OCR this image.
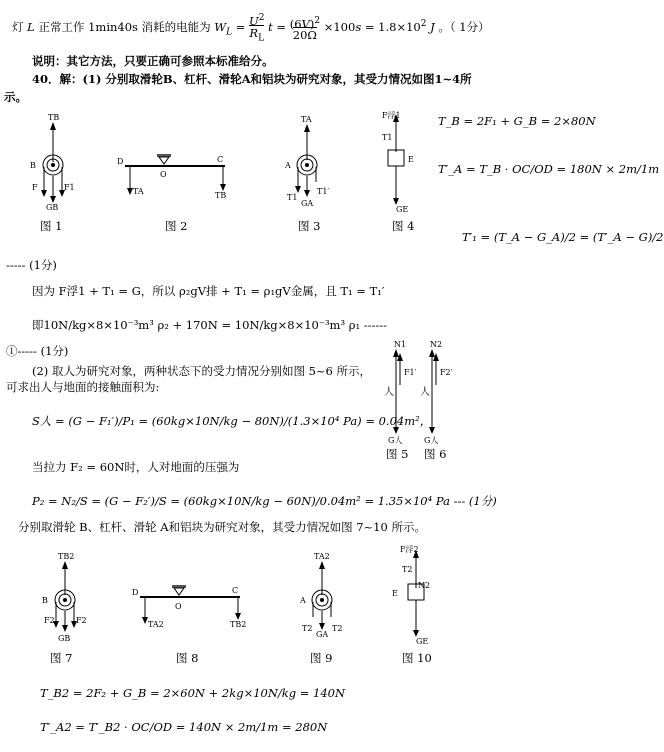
灯 L 正常工作 1min40s 消耗的电能为 $W_L = U^2$
$R_L$ $t = (6V)^2$
$20\Omega \times 100s = 1.8\times 10^2$ J 。（ 1分）
说明：其它方法，只要正确可参照本标准给分。
40．解：(1) 分别取滑轮B、杠杆、滑轮A和铝块为研究对象，其受力情况如图1~4所
示。
TB
B
F	F1
GB
图 1
D	C
O
TA	TB
图 2
TA
A
T1
GA
T1′
图 3
F浮1
T1
E
GE
图 4
T_B = 2F₁ + G_B = 2×80N
T′_A = T_B · OC/OD = 180N × 2m/1m
T′₁ = (T_A − G_A)/2 = (T′_A − G)/2
----- (1分)
因为 F浮1 + T₁ = G，所以 ρ₂gV排 + T₁ = ρ₁gV金属，且 T₁ = T₁′
即10N/kg×8×10⁻³m³ ρ₂ + 170N = 10N/kg×8×10⁻³m³ ρ₁ ------
①----- (1分)
(2) 取人为研究对象，两种状态下的受力情况分别如图 5~6 所示，
可求出人与地面的接触面积为:
N1
F1′
人
G人
图 5
N2
F2′
人
G人
图 6
S人 = (G − F₁′)/P₁ = (60kg×10N/kg − 80N)/(1.3×10⁴ Pa) = 0.04m²，
当拉力 F₂ = 60N时，人对地面的压强为
P₂ = N₂/S = (G − F₂′)/S = (60kg×10N/kg − 60N)/0.04m² = 1.35×10⁴ Pa --- (1分)
分别取滑轮 B、杠杆、滑轮 A和铝块为研究对象，其受力情况如图 7~10 所示。
TB2
B
F2	F2
GB
图 7
D	C
O
TA2	TB2
图 8
TA2
A
T2
GA
T2
图 9
F浮2
T2
N2
E
GE
图 10
T_B2 = 2F₂ + G_B = 2×60N + 2kg×10N/kg = 140N
T′_A2 = T′_B2 · OC/OD = 140N × 2m/1m = 280N
